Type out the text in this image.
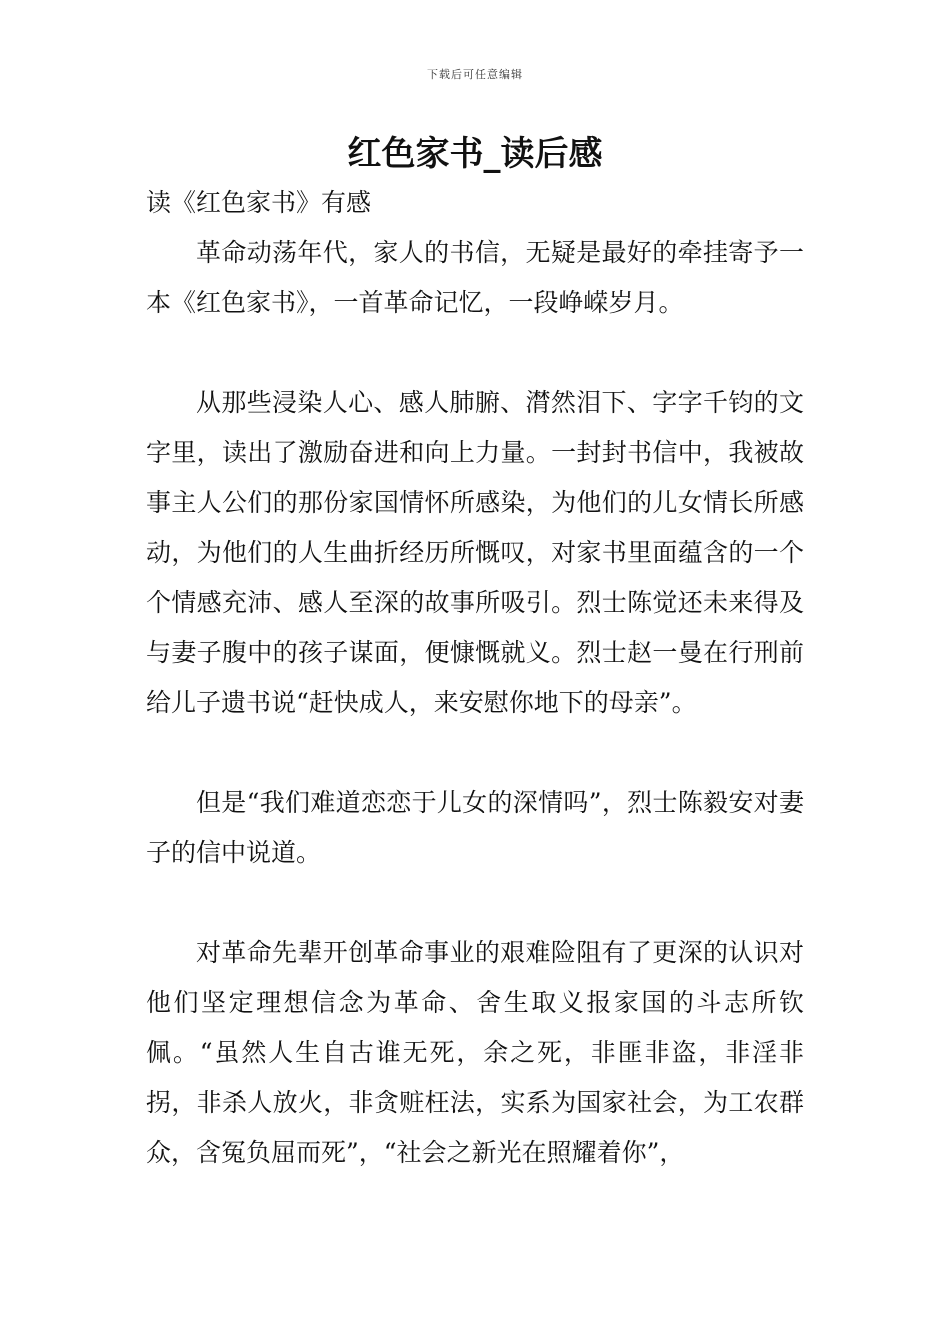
下载后可任意编辑
红色家书_读后感

读《红色家书》有感

革命动荡年代，家人的书信，无疑是最好的牵挂寄予一本《红色家书》，一首革命记忆，一段峥嵘岁月。

从那些浸染人心、感人肺腑、潸然泪下、字字千钧的文字里，读出了激励奋进和向上力量。一封封书信中，我被故事主人公们的那份家国情怀所感染，为他们的儿女情长所感动，为他们的人生曲折经历所慨叹，对家书里面蕴含的一个个情感充沛、感人至深的故事所吸引。烈士陈觉还未来得及与妻子腹中的孩子谋面，便慷慨就义。烈士赵一曼在行刑前给儿子遗书说“赶快成人，来安慰你地下的母亲”。

但是“我们难道恋恋于儿女的深情吗”，烈士陈毅安对妻子的信中说道。

对革命先辈开创革命事业的艰难险阻有了更深的认识对他们坚定理想信念为革命、舍生取义报家国的斗志所钦佩。“虽然人生自古谁无死，余之死，非匪非盗，非淫非拐，非杀人放火，非贪赃枉法，实系为国家社会，为工农群众，含冤负屈而死”，“社会之新光在照耀着你”，
